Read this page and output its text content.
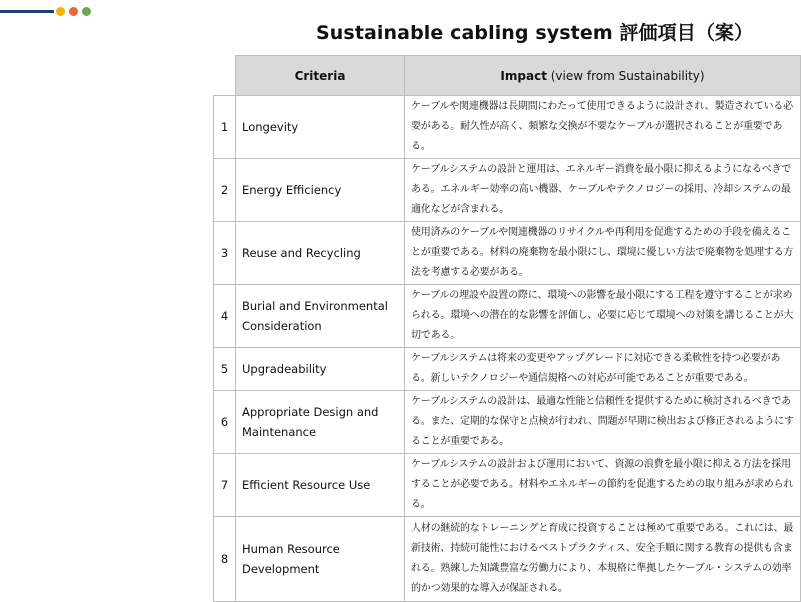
Sustainable cabling system 評価項目（案）
	Criteria	Impact (view from Sustainability)
1	Longevity	ケーブルや関連機器は長期間にわたって使用できるように設計され、製造されている必要がある。耐久性が高く、頻繁な交換が不要なケーブルが選択されることが重要である。
2	Energy Efficiency	ケーブルシステムの設計と運用は、エネルギー消費を最小限に抑えるようになるべきである。エネルギー効率の高い機器、ケーブルやテクノロジーの採用、冷却システムの最適化などが含まれる。
3	Reuse and Recycling	使用済みのケーブルや関連機器のリサイクルや再利用を促進するための手段を備えることが重要である。材料の廃棄物を最小限にし、環境に優しい方法で廃棄物を処理する方法を考慮する必要がある。
4	Burial and Environmental Consideration	ケーブルの埋設や設置の際に、環境への影響を最小限にする工程を遵守することが求められる。環境への潜在的な影響を評価し、必要に応じて環境への対策を講じることが大切である。
5	Upgradeability	ケーブルシステムは将来の変更やアップグレードに対応できる柔軟性を持つ必要がある。新しいテクノロジーや通信規格への対応が可能であることが重要である。
6	Appropriate Design and Maintenance	ケーブルシステムの設計は、最適な性能と信頼性を提供するために検討されるべきである。また、定期的な保守と点検が行われ、問題が早期に検出および修正されるようにすることが重要である。
7	Efficient Resource Use	ケーブルシステムの設計および運用において、資源の浪費を最小限に抑える方法を採用することが必要である。材料やエネルギーの節約を促進するための取り組みが求められる。
8	Human Resource Development	人材の継続的なトレーニングと育成に投資することは極めて重要である。これには、最新技術、持続可能性におけるベストプラクティス、安全手順に関する教育の提供も含まれる。熟練した知識豊富な労働力により、本規格に準拠したケーブル・システムの効率的かつ効果的な導入が保証される。
